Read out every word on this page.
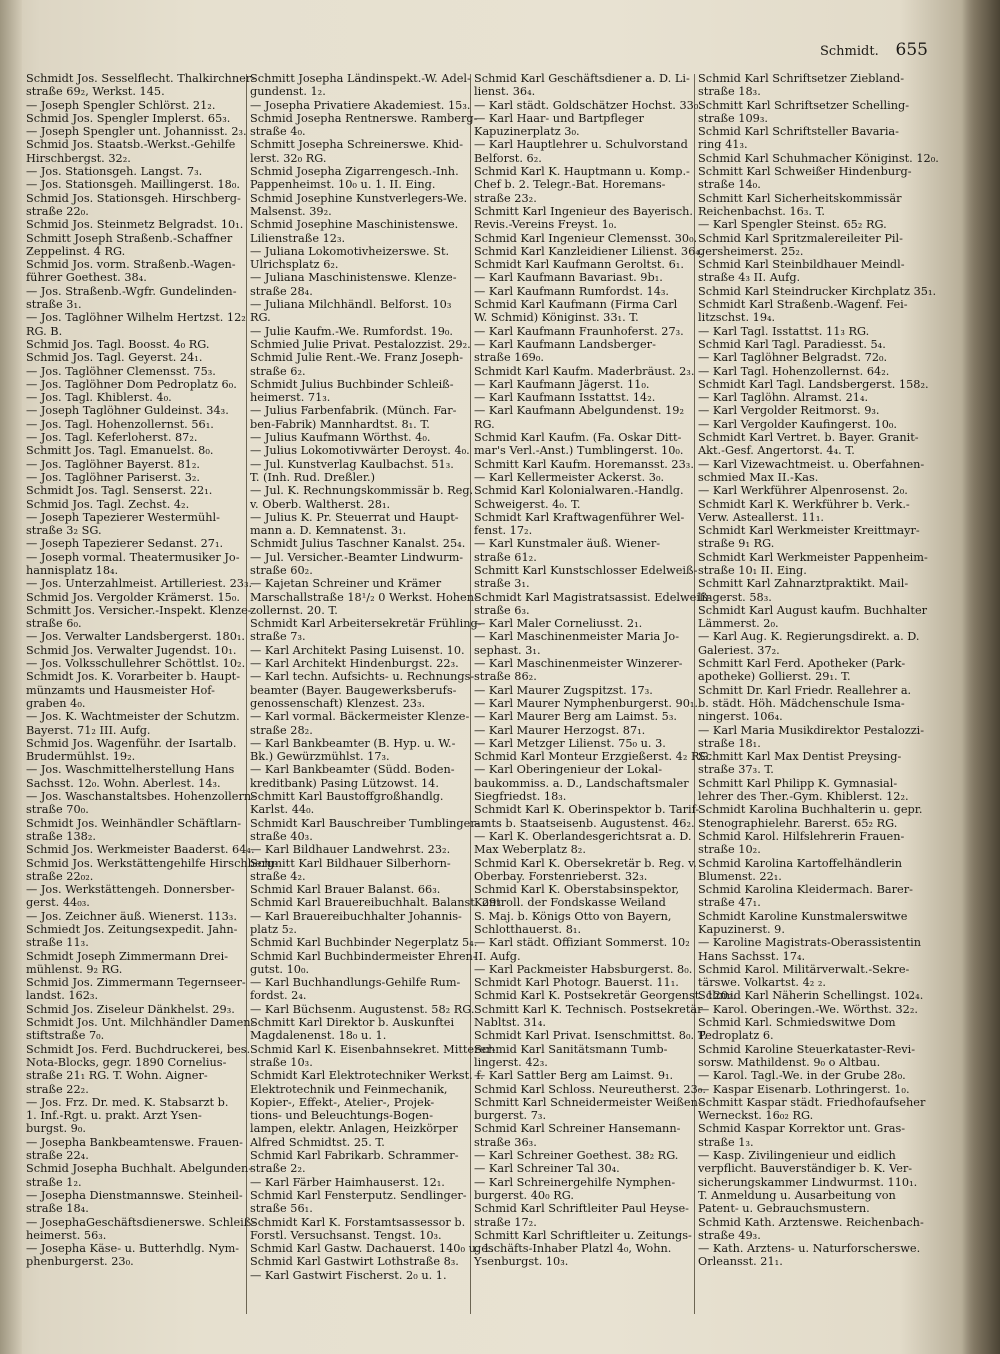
Schmidt. 655
Schmidt Jos. Sesselflecht. Thalkirchner-
straße 69₂, Werkst. 145.
— Joseph Spengler Schlörst. 21₂.
Schmid Jos. Spengler Implerst. 65₃.
— Joseph Spengler unt. Johannisst. 2₃.
Schmid Jos. Staatsb.-Werkst.-Gehilfe
Hirschbergst. 32₂.
— Jos. Stationsgeh. Langst. 7₃.
— Jos. Stationsgeh. Maillingerst. 18₀.
Schmid Jos. Stationsgeh. Hirschberg-
straße 22₀.
Schmid Jos. Steinmetz Belgradst. 10₁.
Schmitt Joseph Straßenb.-Schaffner
Zeppelinst. 4 RG.
Schmid Jos. vorm. Straßenb.-Wagen-
führer Goethest. 38₄.
— Jos. Straßenb.-Wgfr. Gundelinden-
straße 3₁.
— Jos. Taglöhner Wilhelm Hertzst. 12₂
RG. B.
Schmid Jos. Tagl. Boosst. 4₀ RG.
Schmid Jos. Tagl. Geyerst. 24₁.
— Jos. Taglöhner Clemensst. 75₃.
— Jos. Taglöhner Dom Pedroplatz 6₀.
— Jos. Tagl. Khiblerst. 4₀.
— Joseph Taglöhner Guldeinst. 34₃.
— Jos. Tagl. Hohenzollernst. 56₁.
— Jos. Tagl. Keferloherst. 87₂.
Schmitt Jos. Tagl. Emanuelst. 8₀.
— Jos. Taglöhner Bayerst. 81₂.
— Jos. Taglöhner Pariserst. 3₂.
Schmidt Jos. Tagl. Senserst. 22₁.
Schmid Jos. Tagl. Zechst. 4₂.
— Joseph Tapezierer Westermühl-
straße 3₂ SG.
— Joseph Tapezierer Sedanst. 27₁.
— Joseph vormal. Theatermusiker Jo-
hannisplatz 18₄.
— Jos. Unterzahlmeist. Artilleriest. 23₃.
Schmid Jos. Vergolder Krämerst. 15₀.
Schmitt Jos. Versicher.-Inspekt. Klenze-
straße 6₀.
— Jos. Verwalter Landsbergerst. 180₁.
Schmid Jos. Verwalter Jugendst. 10₁.
— Jos. Volksschullehrer Schöttlst. 10₂.
Schmidt Jos. K. Vorarbeiter b. Haupt-
münzamts und Hausmeister Hof-
graben 4₀.
— Jos. K. Wachtmeister der Schutzm.
Bayerst. 71₂ III. Aufg.
Schmid Jos. Wagenführ. der Isartalb.
Brudermühlst. 19₂.
— Jos. Waschmittelherstellung Hans
Sachsst. 12₀. Wohn. Aberlest. 14₃.
— Jos. Waschanstaltsbes. Hohenzollern-
straße 70₀.
Schmidt Jos. Weinhändler Schäftlarn-
straße 138₂.
Schmid Jos. Werkmeister Baaderst. 64₄.
Schmid Jos. Werkstättengehilfe Hirschberg-
straße 22₀₂.
— Jos. Werkstättengeh. Donnersber-
gerst. 44₀₃.
— Jos. Zeichner äuß. Wienerst. 113₃.
Schmiedt Jos. Zeitungsexpedit. Jahn-
straße 11₃.
Schmidt Joseph Zimmermann Drei-
mühlenst. 9₂ RG.
Schmid Jos. Zimmermann Tegernseer-
landst. 162₃.
Schmid Jos. Ziseleur Dänkhelst. 29₃.
Schmidt Jos. Unt. Milchhändler Damen-
stiftstraße 7₀.
Schmidt Jos. Ferd. Buchdruckerei, bes.
Nota-Blocks, gegr. 1890 Cornelius-
straße 21₁ RG. T. Wohn. Aigner-
straße 22₂.
— Jos. Frz. Dr. med. K. Stabsarzt b.
1. Inf.-Rgt. u. prakt. Arzt Ysen-
burgst. 9₀.
— Josepha Bankbeamtenswe. Frauen-
straße 22₄.
Schmid Josepha Buchhalt. Abelgunden-
straße 1₂.
— Josepha Dienstmannswe. Steinheil-
straße 18₄.
— JosephaGeschäftsdienerswe. Schleiß-
heimerst. 56₃.
— Josepha Käse- u. Butterhdlg. Nym-
phenburgerst. 23₀.
Schmitt Josepha Ländinspekt.-W. Adel-
gundenst. 1₂.
— Josepha Privatiere Akademiest. 15₃.
Schmid Josepha Rentnerswe. Ramberg-
straße 4₀.
Schmitt Josepha Schreinerswe. Khid-
lerst. 32₀ RG.
Schmid Josepha Zigarrengesch.-Inh.
Pappenheimst. 10₀ u. 1. II. Eing.
Schmid Josephine Kunstverlegers-We.
Malsenst. 39₂.
Schmid Josephine Maschinistenswe.
Lilienstraße 12₃.
— Juliana Lokomotivheizerswe. St.
Ulrichsplatz 6₂.
— Juliana Maschinistenswe. Klenze-
straße 28₄.
— Juliana Milchhändl. Belforst. 10₃
RG.
— Julie Kaufm.-We. Rumfordst. 19₀.
Schmied Julie Privat. Pestalozzist. 29₂.
Schmid Julie Rent.-We. Franz Joseph-
straße 6₂.
Schmidt Julius Buchbinder Schleiß-
heimerst. 71₃.
— Julius Farbenfabrik. (Münch. Far-
ben-Fabrik) Mannhardtst. 8₁. T.
— Julius Kaufmann Wörthst. 4₀.
— Julius Lokomotivwärter Deroyst. 4₀.
— Jul. Kunstverlag Kaulbachst. 51₃.
T. (Inh. Rud. Dreßler.)
— Jul. K. Rechnungskommissär b. Reg.
v. Oberb. Waltherst. 28₁.
— Julius K. Pr. Steuerrat und Haupt-
mann a. D. Kemnatenst. 3₁.
Schmidt Julius Taschner Kanalst. 25₄.
— Jul. Versicher.-Beamter Lindwurm-
straße 60₂.
— Kajetan Schreiner und Krämer
Marschallstraße 18¹/₂ 0 Werkst. Hohen-
zollernst. 20. T.
Schmidt Karl Arbeitersekretär Frühling-
straße 7₃.
— Karl Architekt Pasing Luisenst. 10.
— Karl Architekt Hindenburgst. 22₃.
— Karl techn. Aufsichts- u. Rechnungs-
beamter (Bayer. Baugewerksberufs-
genossenschaft) Klenzest. 23₃.
— Karl vormal. Bäckermeister Klenze-
straße 28₂.
— Karl Bankbeamter (B. Hyp. u. W.-
Bk.) Gewürzmühlst. 17₃.
— Karl Bankbeamter (Südd. Boden-
kreditbank) Pasing Lützowst. 14.
Schmitt Karl Baustoffgroßhandlg.
Karlst. 44₀.
Schmidt Karl Bauschreiber Tumblinger-
straße 40₃.
— Karl Bildhauer Landwehrst. 23₂.
Schmitt Karl Bildhauer Silberhorn-
straße 4₂.
Schmid Karl Brauer Balanst. 66₃.
Schmid Karl Brauereibuchhalt. Balanst. 29₃.
— Karl Brauereibuchhalter Johannis-
platz 5₂.
Schmid Karl Buchbinder Negerplatz 5₄.
Schmid Karl Buchbindermeister Ehren-
gutst. 10₀.
— Karl Buchhandlungs-Gehilfe Rum-
fordst. 2₄.
— Karl Büchsenm. Augustenst. 58₂ RG.
Schmitt Karl Direktor b. Auskunftei
Magdalenenst. 18₀ u. 1.
Schmid Karl K. Eisenbahnsekret. Mitterer-
straße 10₃.
Schmidt Karl Elektrotechniker Werkst. f.
Elektrotechnik und Feinmechanik,
Kopier-, Effekt-, Atelier-, Projek-
tions- und Beleuchtungs-Bogen-
lampen, elektr. Anlagen, Heizkörper
Alfred Schmidtst. 25. T.
Schmid Karl Fabrikarb. Schrammer-
straße 2₂.
— Karl Färber Haimhauserst. 12₁.
Schmid Karl Fensterputz. Sendlinger-
straße 56₁.
Schmidt Karl K. Forstamtsassessor b.
Forstl. Versuchsanst. Tengst. 10₃.
Schmid Karl Gastw. Dachauerst. 140₀ u. 1.
Schmid Karl Gastwirt Lothstraße 8₃.
— Karl Gastwirt Fischerst. 2₀ u. 1.
Schmid Karl Geschäftsdiener a. D. Li-
lienst. 36₄.
— Karl städt. Goldschätzer Hochst. 33₀.
— Karl Haar- und Bartpfleger
Kapuzinerplatz 3₀.
— Karl Hauptlehrer u. Schulvorstand
Belforst. 6₂.
Schmid Karl K. Hauptmann u. Komp.-
Chef b. 2. Telegr.-Bat. Horemans-
straße 23₂.
Schmitt Karl Ingenieur des Bayerisch.
Revis.-Vereins Freyst. 1₀.
Schmid Karl Ingenieur Clemensst. 30₀.
Schmid Karl Kanzleidiener Lilienst. 36₄.
Schmidt Karl Kaufmann Geroltst. 6₁.
— Karl Kaufmann Bavariast. 9b₁.
— Karl Kaufmann Rumfordst. 14₃.
Schmid Karl Kaufmann (Firma Carl
W. Schmid) Königinst. 33₁. T.
— Karl Kaufmann Fraunhoferst. 27₃.
— Karl Kaufmann Landsberger-
straße 169₀.
Schmidt Karl Kaufm. Maderbräust. 2₃.
— Karl Kaufmann Jägerst. 11₀.
— Karl Kaufmann Isstattst. 14₂.
— Karl Kaufmann Abelgundenst. 19₂
RG.
Schmid Karl Kaufm. (Fa. Oskar Ditt-
mar's Verl.-Anst.) Tumblingerst. 10₀.
Schmitt Karl Kaufm. Horemansst. 23₃.
— Karl Kellermeister Ackerst. 3₀.
Schmid Karl Kolonialwaren.-Handlg.
Schweigerst. 4₀. T.
Schmidt Karl Kraftwagenführer Wel-
fenst. 17₂.
— Karl Kunstmaler äuß. Wiener-
straße 61₂.
Schmitt Karl Kunstschlosser Edelweiß-
straße 3₁.
Schmidt Karl Magistratsassist. Edelweiß-
straße 6₃.
— Karl Maler Corneliusst. 2₁.
— Karl Maschinenmeister Maria Jo-
sephast. 3₁.
— Karl Maschinenmeister Winzerer-
straße 86₂.
— Karl Maurer Zugspitzst. 17₃.
— Karl Maurer Nymphenburgerst. 90₁.
— Karl Maurer Berg am Laimst. 5₃.
— Karl Maurer Herzogst. 87₁.
— Karl Metzger Lilienst. 75₀ u. 3.
Schmid Karl Monteur Erzgießerst. 4₂ RG.
— Karl Oberingenieur der Lokal-
baukommiss. a. D., Landschaftsmaler
Siegfriedst. 18₃.
Schmidt Karl K. Oberinspektor b. Tarif-
amts b. Staatseisenb. Augustenst. 46₂.
— Karl K. Oberlandesgerichtsrat a. D.
Max Weberplatz 8₂.
Schmid Karl K. Obersekretär b. Reg. v.
Oberbay. Forstenrieberst. 32₃.
Schmid Karl K. Oberstabsinspektor,
Kontroll. der Fondskasse Weiland
S. Maj. b. Königs Otto von Bayern,
Schlotthauerst. 8₁.
— Karl städt. Offiziant Sommerst. 10₂
II. Aufg.
— Karl Packmeister Habsburgerst. 8₀.
Schmidt Karl Photogr. Bauerst. 11₁.
Schmid Karl K. Postsekretär Georgenst. 120₂.
Schmitt Karl K. Technisch. Postsekretär
Nabltst. 31₄.
Schmidt Karl Privat. Isenschmittst. 8₀. T.
Schmid Karl Sanitätsmann Tumb-
lingerst. 42₃.
— Karl Sattler Berg am Laimst. 9₁.
Schmid Karl Schloss. Neureutherst. 23₀.
Schmitt Karl Schneidermeister Weißen-
burgerst. 7₃.
Schmid Karl Schreiner Hansemann-
straße 36₃.
— Karl Schreiner Goethest. 38₂ RG.
— Karl Schreiner Tal 30₄.
— Karl Schreinergehilfe Nymphen-
burgerst. 40₀ RG.
Schmid Karl Schriftleiter Paul Heyse-
straße 17₂.
Schmitt Karl Schriftleiter u. Zeitungs-
geschäfts-Inhaber Platzl 4₀, Wohn.
Ysenburgst. 10₃.
Schmid Karl Schriftsetzer Ziebland-
straße 18₃.
Schmitt Karl Schriftsetzer Schelling-
straße 109₃.
Schmid Karl Schriftsteller Bavaria-
ring 41₃.
Schmid Karl Schuhmacher Königinst. 12₀.
Schmitt Karl Schweißer Hindenburg-
straße 14₀.
Schmitt Karl Sicherheitskommissär
Reichenbachst. 16₃. T.
— Karl Spengler Steinst. 65₂ RG.
Schmid Karl Spritzmalereileiter Pil-
gersheimerst. 25₂.
Schmid Karl Steinbildhauer Meindl-
straße 4₃ II. Aufg.
Schmid Karl Steindrucker Kirchplatz 35₁.
Schmidt Karl Straßenb.-Wagenf. Fei-
litzschst. 19₄.
— Karl Tagl. Isstattst. 11₃ RG.
Schmid Karl Tagl. Paradiesst. 5₄.
— Karl Taglöhner Belgradst. 72₀.
— Karl Tagl. Hohenzollernst. 64₂.
Schmidt Karl Tagl. Landsbergerst. 158₂.
— Karl Taglöhn. Alramst. 21₄.
— Karl Vergolder Reitmorst. 9₃.
— Karl Vergolder Kaufingerst. 10₀.
Schmidt Karl Vertret. b. Bayer. Granit-
Akt.-Gesf. Angertorst. 4₄. T.
— Karl Vizewachtmeist. u. Oberfahnen-
schmied Max II.-Kas.
— Karl Werkführer Alpenrosenst. 2₀.
Schmidt Karl K. Werkführer b. Verk.-
Verw. Asteallerst. 11₁.
Schmidt Karl Werkmeister Kreittmayr-
straße 9₁ RG.
Schmidt Karl Werkmeister Pappenheim-
straße 10₁ II. Eing.
Schmitt Karl Zahnarztpraktikt. Mail-
lingerst. 58₃.
Schmidt Karl August kaufm. Buchhalter
Lämmerst. 2₀.
— Karl Aug. K. Regierungsdirekt. a. D.
Galeriest. 37₂.
Schmitt Karl Ferd. Apotheker (Park-
apotheke) Gollierst. 29₁. T.
Schmitt Dr. Karl Friedr. Reallehrer a.
b. städt. Höh. Mädchenschule Isma-
ningerst. 106₄.
— Karl Maria Musikdirektor Pestalozzi-
straße 18₁.
Schmitt Karl Max Dentist Preysing-
straße 37₃. T.
Schmitt Karl Philipp K. Gymnasial-
lehrer des Ther.-Gym. Khiblerst. 12₂.
Schmidt Karolina Buchhalterin u. gepr.
Stenographielehr. Barerst. 65₂ RG.
Schmid Karol. Hilfslehrerin Frauen-
straße 10₂.
Schmid Karolina Kartoffelhändlerin
Blumenst. 22₁.
Schmid Karolina Kleidermach. Barer-
straße 47₁.
Schmidt Karoline Kunstmalerswitwe
Kapuzinerst. 9.
— Karoline Magistrats-Oberassistentin
Hans Sachsst. 17₄.
Schmid Karol. Militärverwalt.-Sekre-
tärswe. Volkartst. 4₂ ₂.
Schmid Karl Näherin Schellingst. 102₄.
— Karol. Oberingen.-We. Wörthst. 32₂.
Schmid Karl. Schmiedswitwe Dom
Pedroplatz 6.
Schmid Karoline Steuerkataster-Revi-
sorsw. Mathildenst. 9₀ o Altbau.
— Karol. Tagl.-We. in der Grube 28₀.
— Kaspar Eisenarb. Lothringerst. 1₀.
Schmitt Kaspar städt. Friedhofaufseher
Werneckst. 16₀₂ RG.
Schmid Kaspar Korrektor unt. Gras-
straße 1₃.
— Kasp. Zivilingenieur und eidlich
verpflicht. Bauverständiger b. K. Ver-
sicherungskammer Lindwurmst. 110₁.
T. Anmeldung u. Ausarbeitung von
Patent- u. Gebrauchsmustern.
Schmid Kath. Arztenswe. Reichenbach-
straße 49₃.
— Kath. Arztens- u. Naturforscherswe.
Orleansst. 21₁.
